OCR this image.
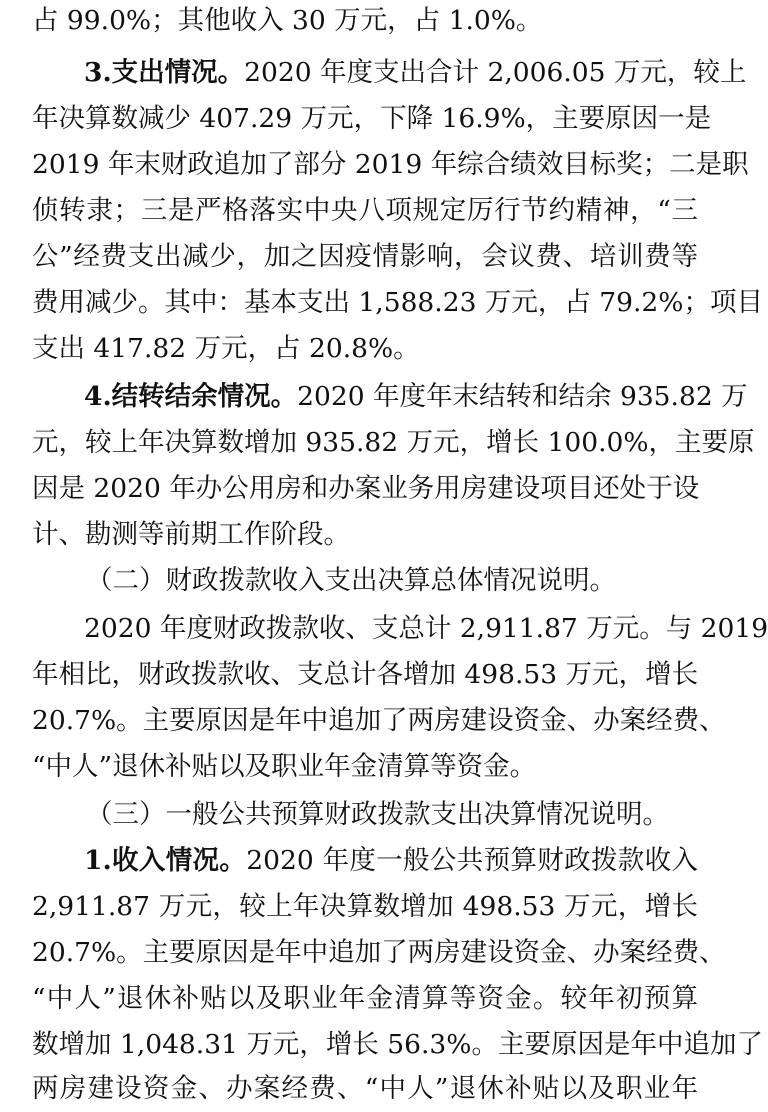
占 99.0%；其他收入 30 万元，占 1.0%。
3.支出情况。2020 年度支出合计 2,006.05 万元，较上
年决算数减少 407.29 万元，下降 16.9%，主要原因一是
2019 年末财政追加了部分 2019 年综合绩效目标奖；二是职
侦转隶；三是严格落实中央八项规定厉行节约精神，“三
公”经费支出减少，加之因疫情影响，会议费、培训费等
费用减少。其中：基本支出 1,588.23 万元，占 79.2%；项目
支出 417.82 万元，占 20.8%。
4.结转结余情况。2020 年度年末结转和结余 935.82 万
元，较上年决算数增加 935.82 万元，增长 100.0%，主要原
因是 2020 年办公用房和办案业务用房建设项目还处于设
计、勘测等前期工作阶段。
（二）财政拨款收入支出决算总体情况说明。
2020 年度财政拨款收、支总计 2,911.87 万元。与 2019
年相比，财政拨款收、支总计各增加 498.53 万元，增长
20.7%。主要原因是年中追加了两房建设资金、办案经费、
“中人”退休补贴以及职业年金清算等资金。
（三）一般公共预算财政拨款支出决算情况说明。
1.收入情况。2020 年度一般公共预算财政拨款收入
2,911.87 万元，较上年决算数增加 498.53 万元，增长
20.7%。主要原因是年中追加了两房建设资金、办案经费、
“中人”退休补贴以及职业年金清算等资金。较年初预算
数增加 1,048.31 万元，增长 56.3%。主要原因是年中追加了
两房建设资金、办案经费、“中人”退休补贴以及职业年
